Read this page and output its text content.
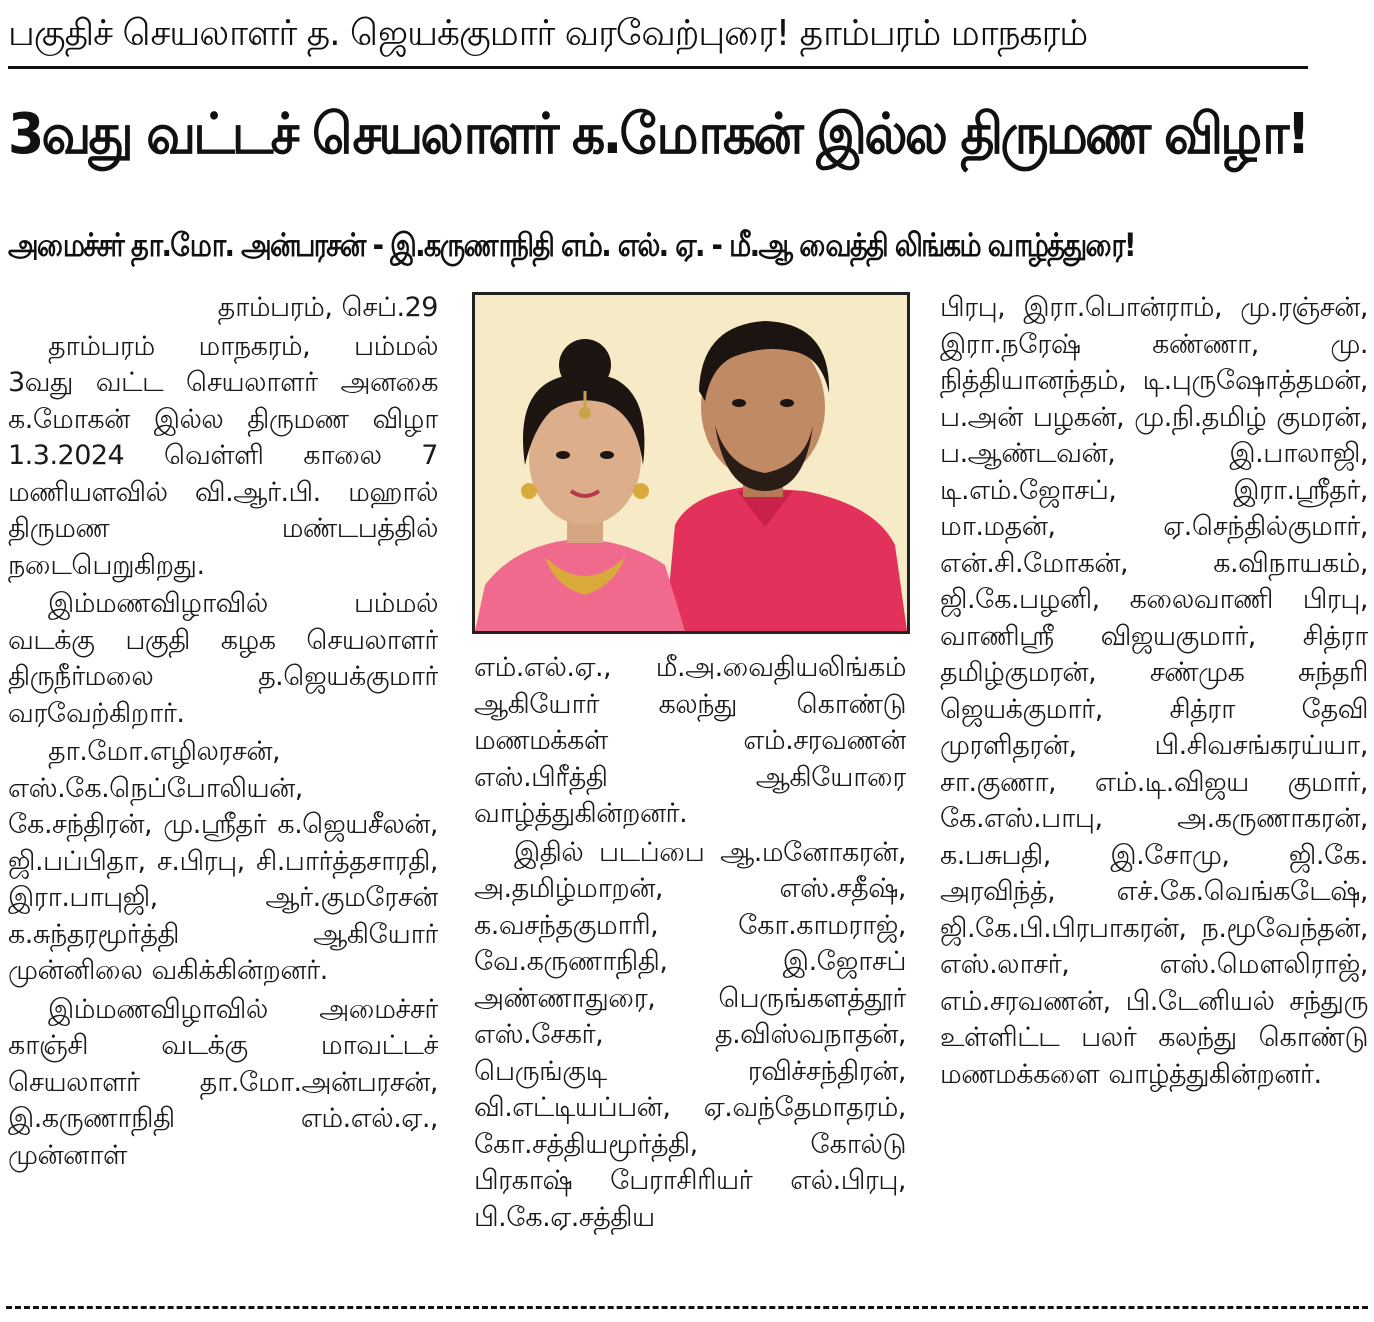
பகுதிச் செயலாளர் த. ஜெயக்குமார் வரவேற்புரை! தாம்பரம் மாநகரம்
3வது வட்டச் செயலாளர் க.மோகன் இல்ல திருமண விழா!
அமைச்சர் தா.மோ. அன்பரசன் - இ.கருணாநிதி எம். எல். ஏ. - மீ.ஆ வைத்தி லிங்கம் வாழ்த்துரை!

தாம்பரம், செப்.29

தாம்பரம் மாநகரம், பம்மல் 3வது வட்ட செயலாளர் அனகை க.மோகன் இல்ல திருமண விழா 1.3.2024 வெள்ளி காலை 7 மணியளவில் வி.ஆர்.பி. மஹால் திருமண மண்டபத்தில் நடைபெறுகிறது.

இம்மணவிழாவில் பம்மல் வடக்கு பகுதி கழக செயலாளர் திருநீர்மலை த.ஜெயக்குமார் வரவேற்கிறார்.

தா.மோ.எழிலரசன், எஸ்.கே.நெப்போலியன், கே.சந்திரன், மு.ஸ்ரீதர் க.ஜெயசீலன், ஜி.பப்பிதா, ச.பிரபு, சி.பார்த்தசாரதி, இரா.பாபுஜி, ஆர்.குமரேசன் க.சுந்தரமூர்த்தி ஆகியோர் முன்னிலை வகிக்கின்றனர்.

இம்மணவிழாவில் அமைச்சர் காஞ்சி வடக்கு மாவட்டச் செயலாளர் தா.மோ.அன்பரசன், இ.கருணாநிதி எம்.எல்.ஏ., முன்னாள்

எம்.எல்.ஏ., மீ.அ.வைதியலிங்கம் ஆகியோர் கலந்து கொண்டு மணமக்கள் எம்.சரவணன் எஸ்.பிரீத்தி ஆகியோரை வாழ்த்துகின்றனர்.

இதில் படப்பை ஆ.மனோகரன், அ.தமிழ்மாறன், எஸ்.சதீஷ், க.வசந்தகுமாரி, கோ.காமராஜ், வே.கருணாநிதி, இ.ஜோசப் அண்ணாதுரை, பெருங்களத்தூர் எஸ்.சேகர், த.விஸ்வநாதன், பெருங்குடி ரவிச்சந்திரன், வி.எட்டியப்பன், ஏ.வந்தேமாதரம், கோ.சத்தியமூர்த்தி, கோல்டு பிரகாஷ் பேராசிரியர் எல்.பிரபு, பி.கே.ஏ.சத்திய

பிரபு, இரா.பொன்ராம், மு.ரஞ்சன், இரா.நரேஷ் கண்ணா, மு. நித்தியானந்தம், டி.புருஷோத்தமன், ப.அன் பழகன், மு.நி.தமிழ் குமரன், ப.ஆண்டவன், இ.பாலாஜி, டி.எம்.ஜோசப், இரா.ஸ்ரீதர், மா.மதன், ஏ.செந்தில்குமார், என்.சி.மோகன், க.விநாயகம், ஜி.கே.பழனி, கலைவாணி பிரபு, வாணிஸ்ரீ விஜயகுமார், சித்ரா தமிழ்குமரன், சண்முக சுந்தரி ஜெயக்குமார், சித்ரா தேவி முரளிதரன், பி.சிவசங்கரய்யா, சா.குணா, எம்.டி.விஜய குமார், கே.எஸ்.பாபு, அ.கருணாகரன், க.பசுபதி, இ.சோமு, ஜி.கே. அரவிந்த், எச்.கே.வெங்கடேஷ், ஜி.கே.பி.பிரபாகரன், ந.மூவேந்தன், எஸ்.லாசர், எஸ்.மௌலிராஜ், எம்.சரவணன், பி.டேனியல் சந்துரு உள்ளிட்ட பலர் கலந்து கொண்டு மணமக்களை வாழ்த்துகின்றனர்.
